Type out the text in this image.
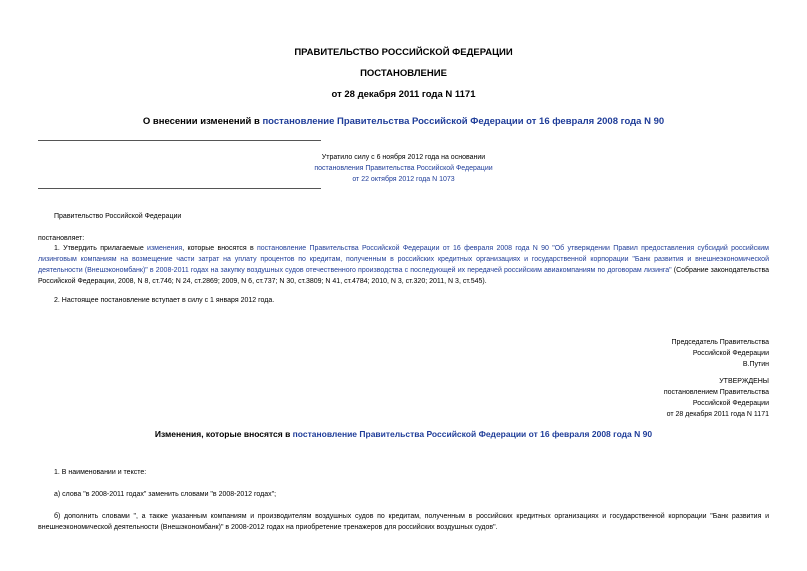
ПРАВИТЕЛЬСТВО РОССИЙСКОЙ ФЕДЕРАЦИИ
ПОСТАНОВЛЕНИЕ
от 28 декабря 2011 года N 1171
О внесении изменений в постановление Правительства Российской Федерации от 16 февраля 2008 года N 90
Утратило силу с 6 ноября 2012 года на основании
постановления Правительства Российской Федерации
от 22 октября 2012 года N 1073
Правительство Российской Федерации
постановляет:
1. Утвердить прилагаемые изменения, которые вносятся в постановление Правительства Российской Федерации от 16 февраля 2008 года N 90 "Об утверждении Правил предоставления субсидий российским лизинговым компаниям на возмещение части затрат на уплату процентов по кредитам, полученным в российских кредитных организациях и государственной корпорации "Банк развития и внешнеэкономической деятельности (Внешэкономбанк)" в 2008-2011 годах на закупку воздушных судов отечественного производства с последующей их передачей российским авиакомпаниям по договорам лизинга" (Собрание законодательства Российской Федерации, 2008, N 8, ст.746; N 24, ст.2869; 2009, N 6, ст.737; N 30, ст.3809; N 41, ст.4784; 2010, N 3, ст.320; 2011, N 3, ст.545).
2. Настоящее постановление вступает в силу с 1 января 2012 года.
Председатель Правительства
Российской Федерации
В.Путин
УТВЕРЖДЕНЫ
постановлением Правительства
Российской Федерации
от 28 декабря 2011 года N 1171
Изменения, которые вносятся в постановление Правительства Российской Федерации от 16 февраля 2008 года N 90
1. В наименовании и тексте:
а) слова "в 2008-2011 годах" заменить словами "в 2008-2012 годах";
б) дополнить словами ", а также указанным компаниям и производителям воздушных судов по кредитам, полученным в российских кредитных организациях и государственной корпорации "Банк развития и внешнеэкономической деятельности (Внешэкономбанк)" в 2008-2012 годах на приобретение тренажеров для российских воздушных судов".
